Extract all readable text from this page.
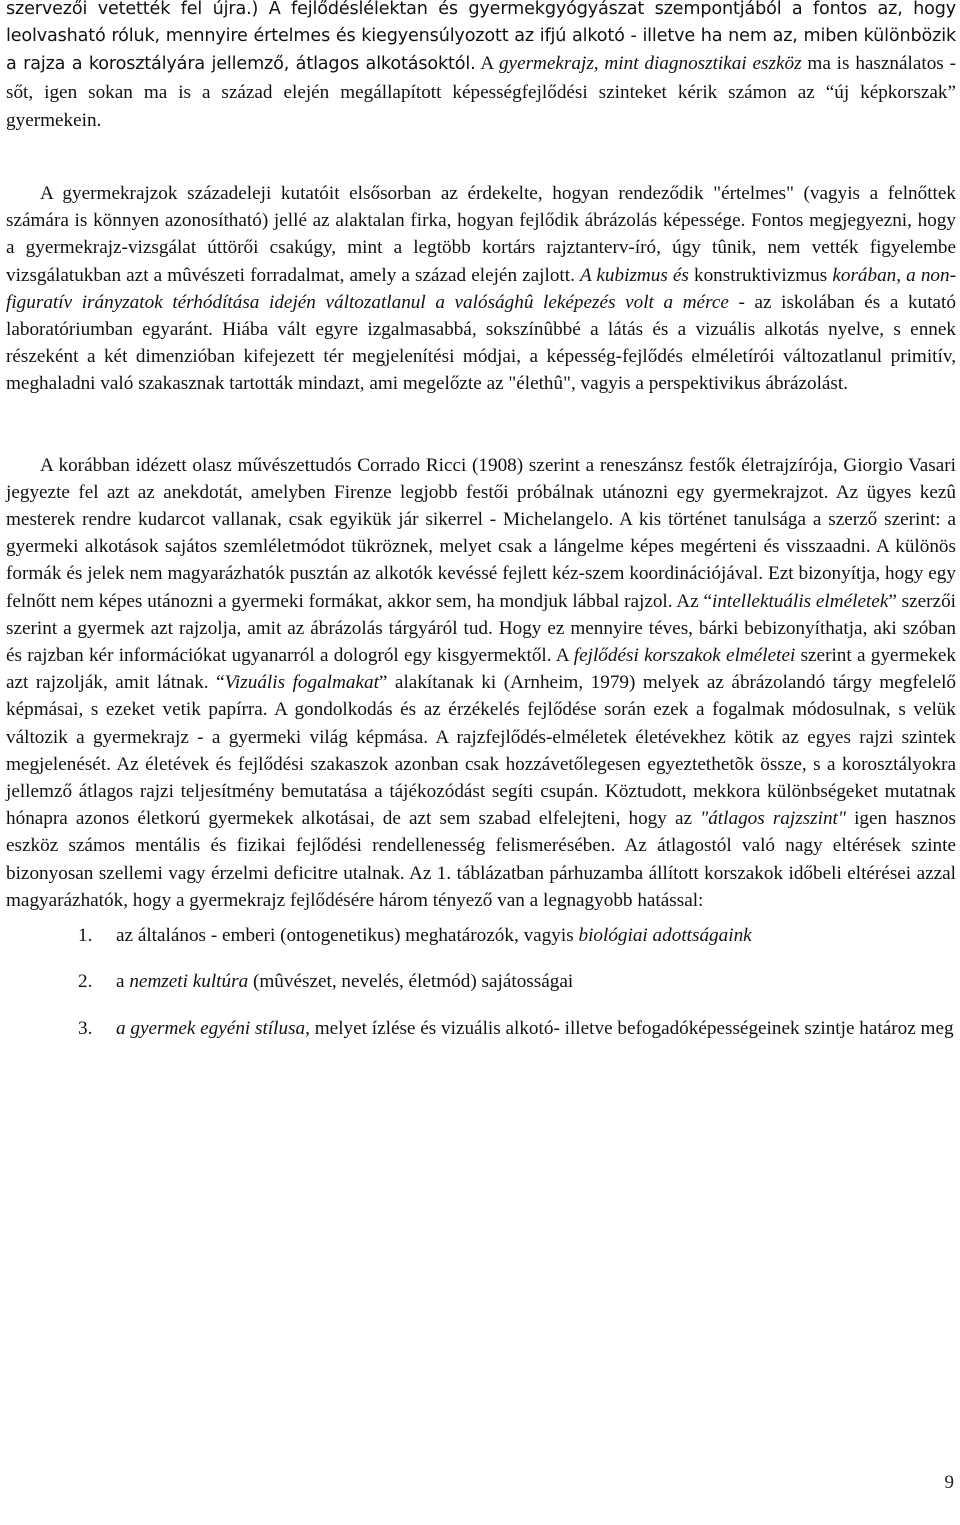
szervezői vetették fel újra.) A fejlődéslélektan és gyermekgyógyászat szempontjából a fontos az, hogy leolvasható róluk, mennyire értelmes és kiegyensúlyozott az ifjú alkotó - illetve ha nem az, miben különbözik a rajza a korosztályára jellemző, átlagos alkotásoktól. A gyermekrajz, mint diagnosztikai eszköz ma is használatos - sőt, igen sokan ma is a század elején megállapított képességfejlődési szinteket kérik számon az “új képkorszak” gyermekein.

A gyermekrajzok századeleji kutatóit elsősorban az érdekelte, hogyan rendeződik "értelmes" (vagyis a felnőttek számára is könnyen azonosítható) jellé az alaktalan firka, hogyan fejlődik ábrázolás képessége. Fontos megjegyezni, hogy a gyermekrajz-vizsgálat úttörői csakúgy, mint a legtöbb kortárs rajztanterv-író, úgy tûnik, nem vették figyelembe vizsgálatukban azt a mûvészeti forradalmat, amely a század elején zajlott. A kubizmus és konstruktivizmus korában, a non-figuratív irányzatok térhódítása idején változatlanul a valósághû leképezés volt a mérce - az iskolában és a kutató laboratóriumban egyaránt. Hiába vált egyre izgalmasabbá, sokszínûbbé a látás és a vizuális alkotás nyelve, s ennek részeként a két dimenzióban kifejezett tér megjelenítési módjai, a képesség-fejlődés elméletírói változatlanul primitív, meghaladni való szakasznak tartották mindazt, ami megelőzte az "élethû", vagyis a perspektivikus ábrázolást.

A korábban idézett olasz művészettudós Corrado Ricci (1908) szerint a reneszánsz festők életrajzírója, Giorgio Vasari jegyezte fel azt az anekdotát, amelyben Firenze legjobb festői próbálnak utánozni egy gyermekrajzot. Az ügyes kezû mesterek rendre kudarcot vallanak, csak egyikük jár sikerrel - Michelangelo. A kis történet tanulsága a szerző szerint: a gyermeki alkotások sajátos szemléletmódot tükröznek, melyet csak a lángelme képes megérteni és visszaadni. A különös formák és jelek nem magyarázhatók pusztán az alkotók kevéssé fejlett kéz-szem koordinációjával. Ezt bizonyítja, hogy egy felnőtt nem képes utánozni a gyermeki formákat, akkor sem, ha mondjuk lábbal rajzol. Az “intellektuális elméletek” szerzői szerint a gyermek azt rajzolja, amit az ábrázolás tárgyáról tud. Hogy ez mennyire téves, bárki bebizonyíthatja, aki szóban és rajzban kér információkat ugyanarról a dologról egy kisgyermektől. A fejlődési korszakok elméletei szerint a gyermekek azt rajzolják, amit látnak. “Vizuális fogalmakat” alakítanak ki (Arnheim, 1979) melyek az ábrázolandó tárgy megfelelő képmásai, s ezeket vetik papírra. A gondolkodás és az érzékelés fejlődése során ezek a fogalmak módosulnak, s velük változik a gyermekrajz - a gyermeki világ képmása. A rajzfejlődés-elméletek életévekhez kötik az egyes rajzi szintek megjelenését. Az életévek és fejlődési szakaszok azonban csak hozzávetőlegesen egyeztethetõk össze, s a korosztályokra jellemző átlagos rajzi teljesítmény bemutatása a tájékozódást segíti csupán. Köztudott, mekkora különbségeket mutatnak hónapra azonos életkorú gyermekek alkotásai, de azt sem szabad elfelejteni, hogy az "átlagos rajzszint" igen hasznos eszköz számos mentális és fizikai fejlődési rendellenesség felismerésében. Az átlagostól való nagy eltérések szinte bizonyosan szellemi vagy érzelmi deficitre utalnak. Az 1. táblázatban párhuzamba állított korszakok időbeli eltérései azzal magyarázhatók, hogy a gyermekrajz fejlődésére három tényező van a legnagyobb hatással:

1. az általános - emberi (ontogenetikus) meghatározók, vagyis biológiai adottságaink
2. a nemzeti kultúra (mûvészet, nevelés, életmód) sajátosságai
3. a gyermek egyéni stílusa, melyet ízlése és vizuális alkotó- illetve befogadóképességeinek szintje határoz meg
9
